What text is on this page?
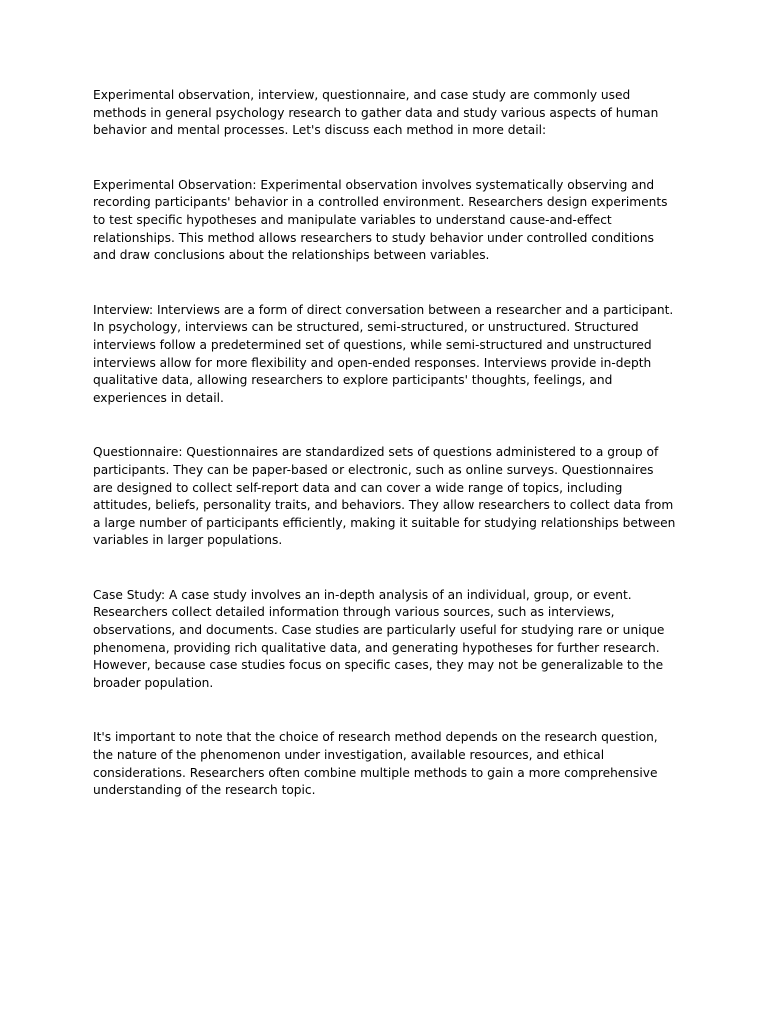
Experimental observation, interview, questionnaire, and case study are commonly used methods in general psychology research to gather data and study various aspects of human behavior and mental processes. Let's discuss each method in more detail:

Experimental Observation: Experimental observation involves systematically observing and recording participants' behavior in a controlled environment. Researchers design experiments to test specific hypotheses and manipulate variables to understand cause-and-effect relationships. This method allows researchers to study behavior under controlled conditions and draw conclusions about the relationships between variables.

Interview: Interviews are a form of direct conversation between a researcher and a participant. In psychology, interviews can be structured, semi-structured, or unstructured. Structured interviews follow a predetermined set of questions, while semi-structured and unstructured interviews allow for more flexibility and open-ended responses. Interviews provide in-depth qualitative data, allowing researchers to explore participants' thoughts, feelings, and experiences in detail.

Questionnaire: Questionnaires are standardized sets of questions administered to a group of participants. They can be paper-based or electronic, such as online surveys. Questionnaires are designed to collect self-report data and can cover a wide range of topics, including attitudes, beliefs, personality traits, and behaviors. They allow researchers to collect data from a large number of participants efficiently, making it suitable for studying relationships between variables in larger populations.

Case Study: A case study involves an in-depth analysis of an individual, group, or event. Researchers collect detailed information through various sources, such as interviews, observations, and documents. Case studies are particularly useful for studying rare or unique phenomena, providing rich qualitative data, and generating hypotheses for further research. However, because case studies focus on specific cases, they may not be generalizable to the broader population.

It's important to note that the choice of research method depends on the research question, the nature of the phenomenon under investigation, available resources, and ethical considerations. Researchers often combine multiple methods to gain a more comprehensive understanding of the research topic.
